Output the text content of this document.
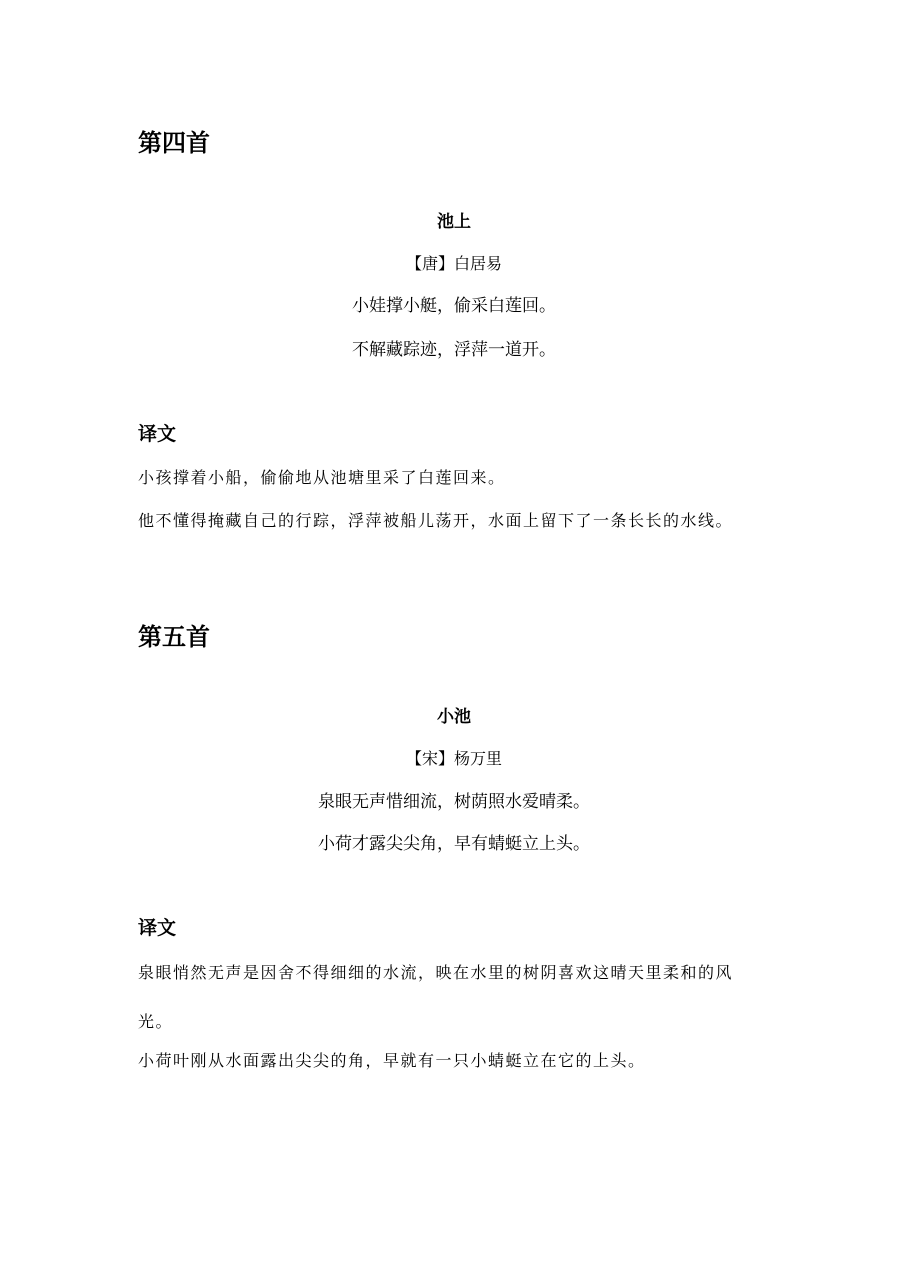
第四首
池上
【唐】白居易
小娃撑小艇，偷采白莲回。
不解藏踪迹，浮萍一道开。
译文
小孩撑着小船，偷偷地从池塘里采了白莲回来。
他不懂得掩藏自己的行踪，浮萍被船儿荡开，水面上留下了一条长长的水线。
第五首
小池
【宋】杨万里
泉眼无声惜细流，树荫照水爱晴柔。
小荷才露尖尖角，早有蜻蜓立上头。
译文
泉眼悄然无声是因舍不得细细的水流，映在水里的树阴喜欢这晴天里柔和的风
光。
小荷叶刚从水面露出尖尖的角，早就有一只小蜻蜓立在它的上头。
